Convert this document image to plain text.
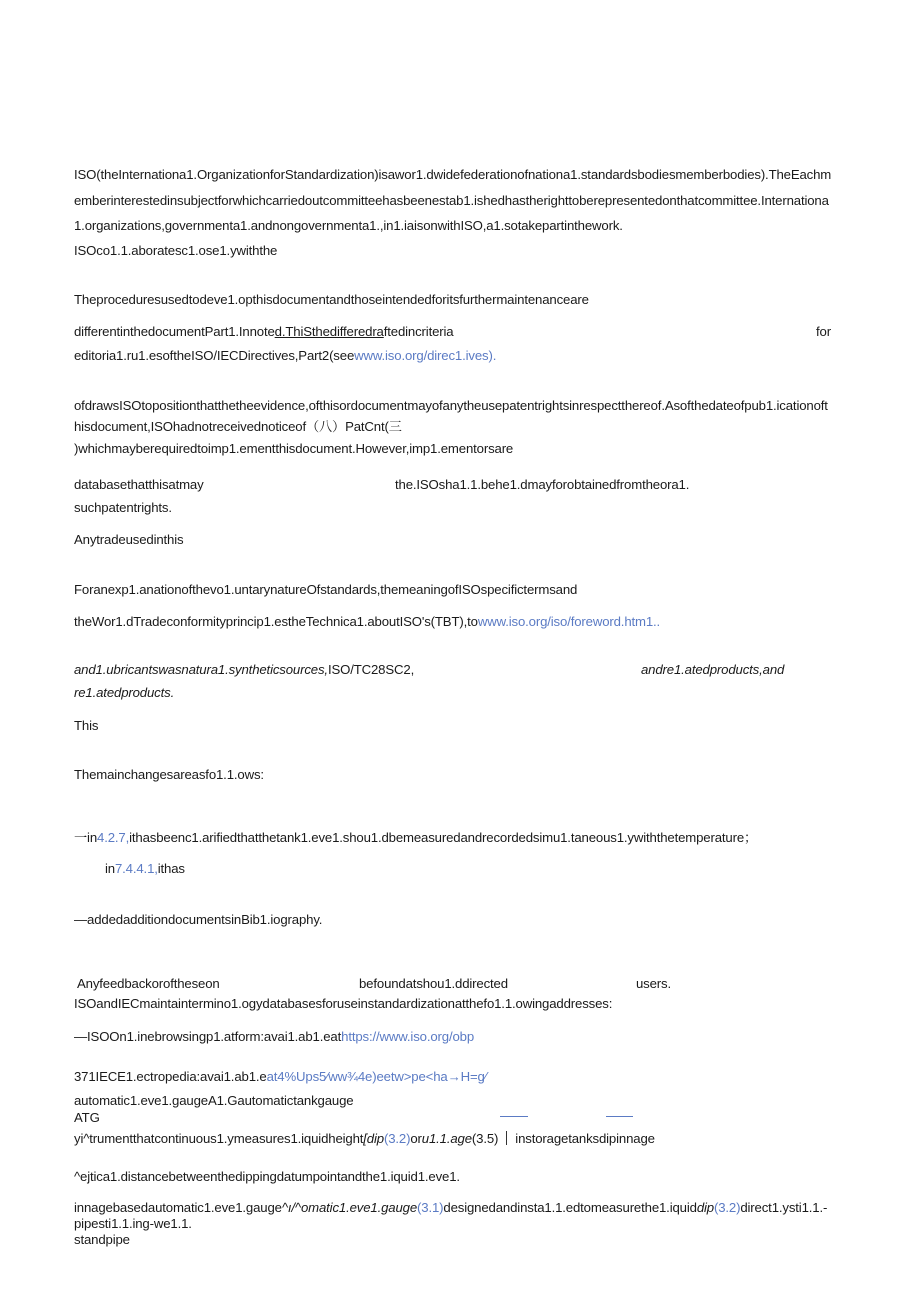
ISO(theInternationa1.OrganizationforStandardization)isawor1.dwidefederationofnationa1.standardsbodiesmemberbodies).TheEachm
emberinterestedinsubjectforwhichcarriedoutcommitteehasbeenestab1.ishedhastherighttoberepresentedonthatcommittee.Internationa
1.organizations,governmenta1.andnongovernmenta1.,in1.iaisonwithISO,a1.sotakepartinthework.
ISOco1.1.aboratesc1.ose1.ywiththe
Theproceduresusedtodeve1.opthisdocumentandthoseintendedforitsfurthermaintenanceare
differentinthedocumentPart1.Innoted.ThiSthedifferedraftedincriteria	for
editoria1.ru1.esoftheISO/IECDirectives,Part2(seewww.iso.org/direc1.ives).
ofdrawsISOtopositionthatthetheevidence,ofthisordocumentmayofanytheusepatentrightsinrespectthereof.Asofthedateofpub1.icationoft
hisdocument,ISOhadnotreceivednoticeof（八）PatCnt(三
)whichmayberequiredtoimp1.ementthisdocument.However,imp1.ementorsare
databasethatthisatmay	the.ISOsha1.1.behe1.dmayforobtainedfromtheora1.
suchpatentrights.
Anytradeusedinthis
Foranexp1.anationofthevo1.untarynatureOfstandards,themeaningofISOspecifictermsand
theWor1.dTradeconformityprincip1.estheTechnica1.aboutISO's(TBT),towww.iso.org/iso/foreword.htm1..
and1.ubricantswasnatura1.syntheticsources,ISO/TC28SC2,	andre1.atedproducts,and
re1.atedproducts.
This
Themainchangesareasfo1.1.ows:
一in4.2.7,ithasbeenc1.arifiedthatthetank1.eve1.shou1.dbemeasuredandrecordedsimu1.taneous1.ywiththetemperature；
in7.4.4.1,ithas
—addedadditiondocumentsinBib1.iography.
Anyfeedbackoroftheseon	befoundatshou1.ddirected	users.
ISOandIECmaintaintermino1.ogydatabasesforuseinstandardizationatthefo1.1.owingaddresses:
—ISOOn1.inebrowsingp1.atform:avai1.ab1.eathttps://www.iso.org/obp
371IECE1.ectropedia:avai1.ab1.eat4%Ups5⁄ww¾4e)eetw>pe<ha→H=g⁄
automatic1.eve1.gaugeA1.Gautomatictankgauge
ATG
yi^trumentthatcontinuous1.ymeasures1.iquidheight[dip(3.2)oru1.1.age(3.5) instoragetanksdipinnage
^ejtica1.distancebetweenthedippingdatumpointandthe1.iquid1.eve1.
innagebasedautomatic1.eve1.gauge^ı/^omatic1.eve1.gauge(3.1)designedandinsta1.1.edtomeasurethe1.iquiddip(3.2)direct1.ysti1.1.-
pipesti1.1.ing-we1.1.
standpipe
